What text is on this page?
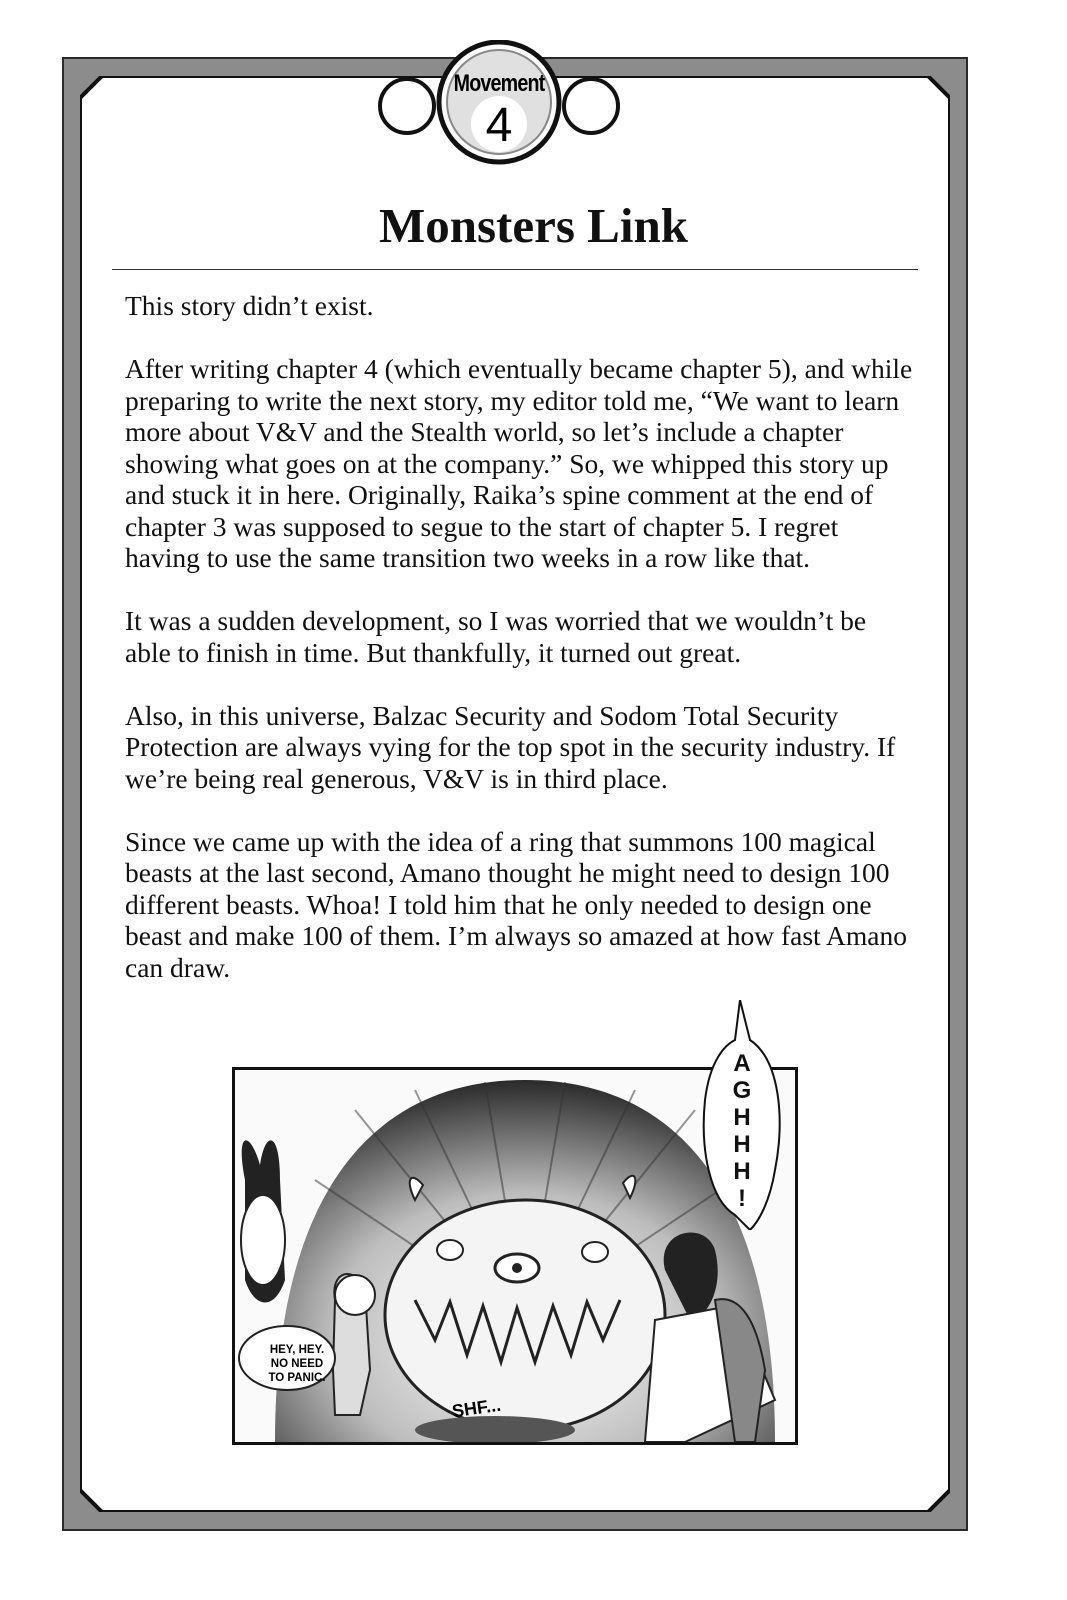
Movement
4
Monsters Link

This story didn’t exist.

After writing chapter 4 (which eventually became chapter 5), and while preparing to write the next story, my editor told me, “We want to learn more about V&V and the Stealth world, so let’s include a chapter showing what goes on at the company.” So, we whipped this story up and stuck it in here. Originally, Raika’s spine comment at the end of chapter 3 was supposed to segue to the start of chapter 5. I regret having to use the same transition two weeks in a row like that.

It was a sudden development, so I was worried that we wouldn’t be able to finish in time. But thankfully, it turned out great.

Also, in this universe, Balzac Security and Sodom Total Security Protection are always vying for the top spot in the security industry. If we’re being real generous, V&V is in third place.

Since we came up with the idea of a ring that summons 100 magical beasts at the last second, Amano thought he might need to design 100 different beasts. Whoa! I told him that he only needed to design one beast and make 100 of them. I’m always so amazed at how fast Amano can draw.

A
G
H
H
H
!
HEY, HEY.
NO NEED
TO PANIC.
SHF...
